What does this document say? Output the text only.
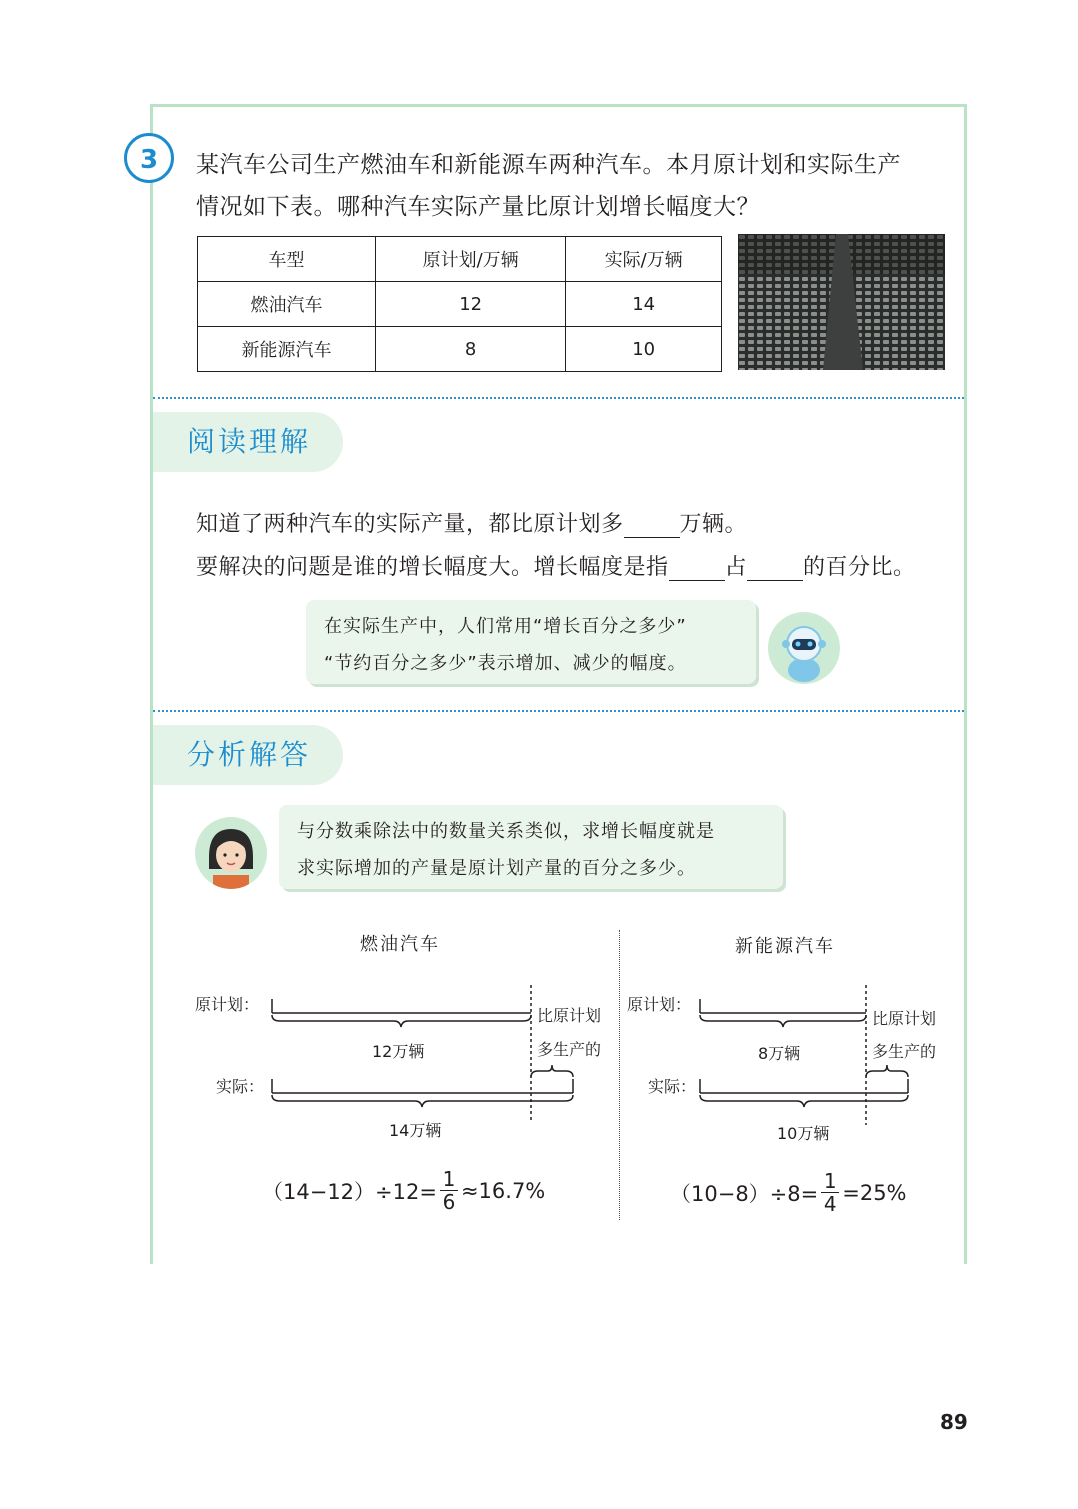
3	某汽车公司生产燃油车和新能源车两种汽车。本月原计划和实际生产
情况如下表。哪种汽车实际产量比原计划增长幅度大？
车型	原计划/万辆	实际/万辆
燃油汽车	12	14
新能源汽车	8	10
阅读理解
知道了两种汽车的实际产量，都比原计划多	万辆。
要解决的问题是谁的增长幅度大。增长幅度是指	占	的百分比。
在实际生产中，人们常用“增长百分之多少”
“节约百分之多少”表示增加、减少的幅度。
分析解答
与分数乘除法中的数量关系类似，求增长幅度就是
求实际增加的产量是原计划产量的百分之多少。
燃油汽车
原计划：
实际：
12万辆
14万辆
比原计划
多生产的
$(14-12)\div 12= \frac{1}{6} \approx 16.7\%$
新能源汽车
原计划：
实际：
8万辆
10万辆
比原计划
多生产的
$(10-8)\div 8= \frac{1}{4} =25\%$
89
